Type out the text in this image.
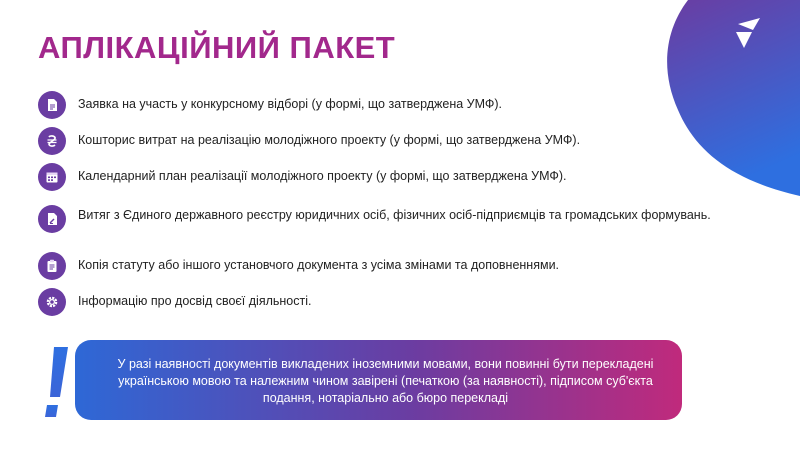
АПЛІКАЦІЙНИЙ ПАКЕТ
Заявка на участь у конкурсному відборі (у формі, що затверджена УМФ).
Кошторис витрат на реалізацію молодіжного проекту (у формі, що затверджена УМФ).
Календарний план реалізації молодіжного проекту (у формі, що затверджена УМФ).
Витяг з Єдиного державного реєстру юридичних осіб, фізичних осіб-підприємців та громадських формувань.
Копія статуту або іншого установчого документа з усіма змінами та доповненнями.
Інформацію про досвід своєї діяльності.
У разі наявності документів викладених іноземними мовами, вони повинні бути перекладені українською мовою та належним чином завірені (печаткою (за наявності), підписом суб'єкта подання, нотаріально або бюро перекладі
